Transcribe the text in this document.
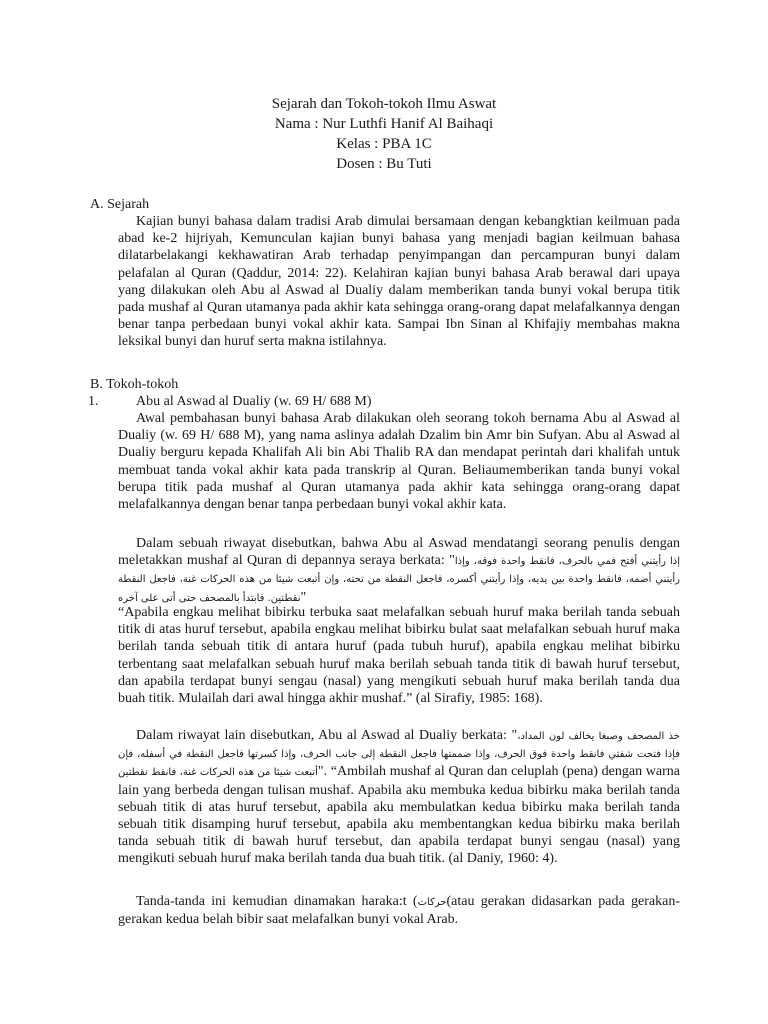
Sejarah dan Tokoh-tokoh Ilmu Aswat
Nama : Nur Luthfi Hanif Al Baihaqi
Kelas : PBA 1C
Dosen : Bu Tuti
A. Sejarah

Kajian bunyi bahasa dalam tradisi Arab dimulai bersamaan dengan kebangktian keilmuan pada abad ke-2 hijriyah, Kemunculan kajian bunyi bahasa yang menjadi bagian keilmuan bahasa dilatarbelakangi kekhawatiran Arab terhadap penyimpangan dan percampuran bunyi dalam pelafalan al Quran (Qaddur, 2014: 22). Kelahiran kajian bunyi bahasa Arab berawal dari upaya yang dilakukan oleh Abu al Aswad al Dualiy dalam memberikan tanda bunyi vokal berupa titik pada mushaf al Quran utamanya pada akhir kata sehingga orang-orang dapat melafalkannya dengan benar tanpa perbedaan bunyi vokal akhir kata. Sampai Ibn Sinan al Khifajiy membahas makna leksikal bunyi dan huruf serta makna istilahnya.

B. Tokoh-tokoh
1.	Abu al Aswad al Dualiy (w. 69 H/ 688 M)

Awal pembahasan bunyi bahasa Arab dilakukan oleh seorang tokoh bernama Abu al Aswad al Dualiy (w. 69 H/ 688 M), yang nama aslinya adalah Dzalim bin Amr bin Sufyan. Abu al Aswad al Dualiy berguru kepada Khalifah Ali bin Abi Thalib RA dan mendapat perintah dari khalifah untuk membuat tanda vokal akhir kata pada transkrip al Quran. Beliaumemberikan tanda bunyi vokal berupa titik pada mushaf al Quran utamanya pada akhir kata sehingga orang-orang dapat melafalkannya dengan benar tanpa perbedaan bunyi vokal akhir kata.

Dalam sebuah riwayat disebutkan, bahwa Abu al Aswad mendatangi seorang penulis dengan meletakkan mushaf al Quran di depannya seraya berkata: "إذا رأيتني أفتح فمي بالحرف، فانقط واحدة فوقه، وإذا رأيتني أضمه، فانقط واحدة بين يديه، وإذا رأيتني أكسره، فاجعل النقطة من تحته، وإن أتبعت شيئا من هذه الحركات غنة، فاجعل النقطة نقطتين. فابتدأ بالمصحف حتى أتى على آخره"

“Apabila engkau melihat bibirku terbuka saat melafalkan sebuah huruf maka berilah tanda sebuah titik di atas huruf tersebut, apabila engkau melihat bibirku bulat saat melafalkan sebuah huruf maka berilah tanda sebuah titik di antara huruf (pada tubuh huruf), apabila engkau melihat bibirku terbentang saat melafalkan sebuah huruf maka berilah sebuah tanda titik di bawah huruf tersebut, dan apabila terdapat bunyi sengau (nasal) yang mengikuti sebuah huruf maka berilah tanda dua buah titik. Mulailah dari awal hingga akhir mushaf.” (al Sirafiy, 1985: 168).

Dalam riwayat lain disebutkan, Abu al Aswad al Dualiy berkata: "خذ المصحف وصبغا يخالف لون المداد، فإذا فتحت شفتي فانقط واحدة فوق الحرف، وإذا ضممتها فاجعل النقطة إلى جانب الحرف، وإذا كسرتها فاجعل النقطة في أسفله، فإن أتبعت شيئا من هذه الحركات غنة، فانقط نقطتين". “Ambilah mushaf al Quran dan celuplah (pena) dengan warna lain yang berbeda dengan tulisan mushaf. Apabila aku membuka kedua bibirku maka berilah tanda sebuah titik di atas huruf tersebut, apabila aku membulatkan kedua bibirku maka berilah tanda sebuah titik disamping huruf tersebut, apabila aku membentangkan kedua bibirku maka berilah tanda sebuah titik di bawah huruf tersebut, dan apabila terdapat bunyi sengau (nasal) yang mengikuti sebuah huruf maka berilah tanda dua buah titik. (al Daniy, 1960: 4).

Tanda-tanda ini kemudian dinamakan haraka:t (حركات(atau gerakan didasarkan pada gerakan-gerakan kedua belah bibir saat melafalkan bunyi vokal Arab.
